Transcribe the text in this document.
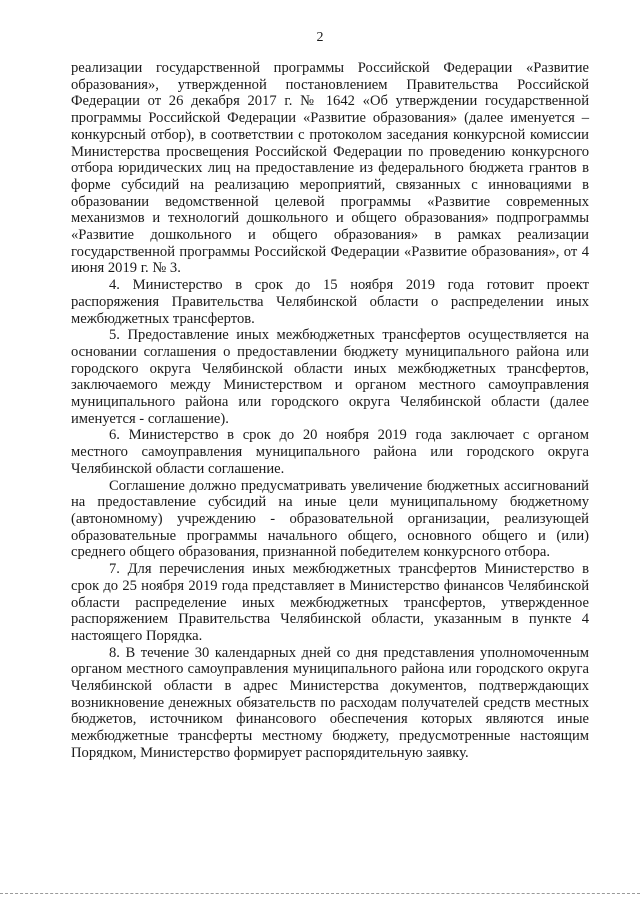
2

реализации государственной программы Российской Федерации «Развитие образования», утвержденной постановлением Правительства Российской Федерации от 26 декабря 2017 г. № 1642 «Об утверждении государственной программы Российской Федерации «Развитие образования» (далее именуется – конкурсный отбор), в соответствии с протоколом заседания конкурсной комиссии Министерства просвещения Российской Федерации по проведению конкурсного отбора юридических лиц на предоставление из федерального бюджета грантов в форме субсидий на реализацию мероприятий, связанных с инновациями в образовании ведомственной целевой программы «Развитие современных механизмов и технологий дошкольного и общего образования» подпрограммы «Развитие дошкольного и общего образования» в рамках реализации государственной программы Российской Федерации «Развитие образования», от 4 июня 2019 г. № 3.

4. Министерство в срок до 15 ноября 2019 года готовит проект распоряжения Правительства Челябинской области о распределении иных межбюджетных трансфертов.

5. Предоставление иных межбюджетных трансфертов осуществляется на основании соглашения о предоставлении бюджету муниципального района или городского округа Челябинской области иных межбюджетных трансфертов, заключаемого между Министерством и органом местного самоуправления муниципального района или городского округа Челябинской области (далее именуется - соглашение).

6. Министерство в срок до 20 ноября 2019 года заключает с органом местного самоуправления муниципального района или городского округа Челябинской области соглашение.

Соглашение должно предусматривать увеличение бюджетных ассигнований на предоставление субсидий на иные цели муниципальному бюджетному (автономному) учреждению - образовательной организации, реализующей образовательные программы начального общего, основного общего и (или) среднего общего образования, признанной победителем конкурсного отбора.

7. Для перечисления иных межбюджетных трансфертов Министерство в срок до 25 ноября 2019 года представляет в Министерство финансов Челябинской области распределение иных межбюджетных трансфертов, утвержденное распоряжением Правительства Челябинской области, указанным в пункте 4 настоящего Порядка.

8. В течение 30 календарных дней со дня представления уполномоченным органом местного самоуправления муниципального района или городского округа Челябинской области в адрес Министерства документов, подтверждающих возникновение денежных обязательств по расходам получателей средств местных бюджетов, источником финансового обеспечения которых являются иные межбюджетные трансферты местному бюджету, предусмотренные настоящим Порядком, Министерство формирует распорядительную заявку.
